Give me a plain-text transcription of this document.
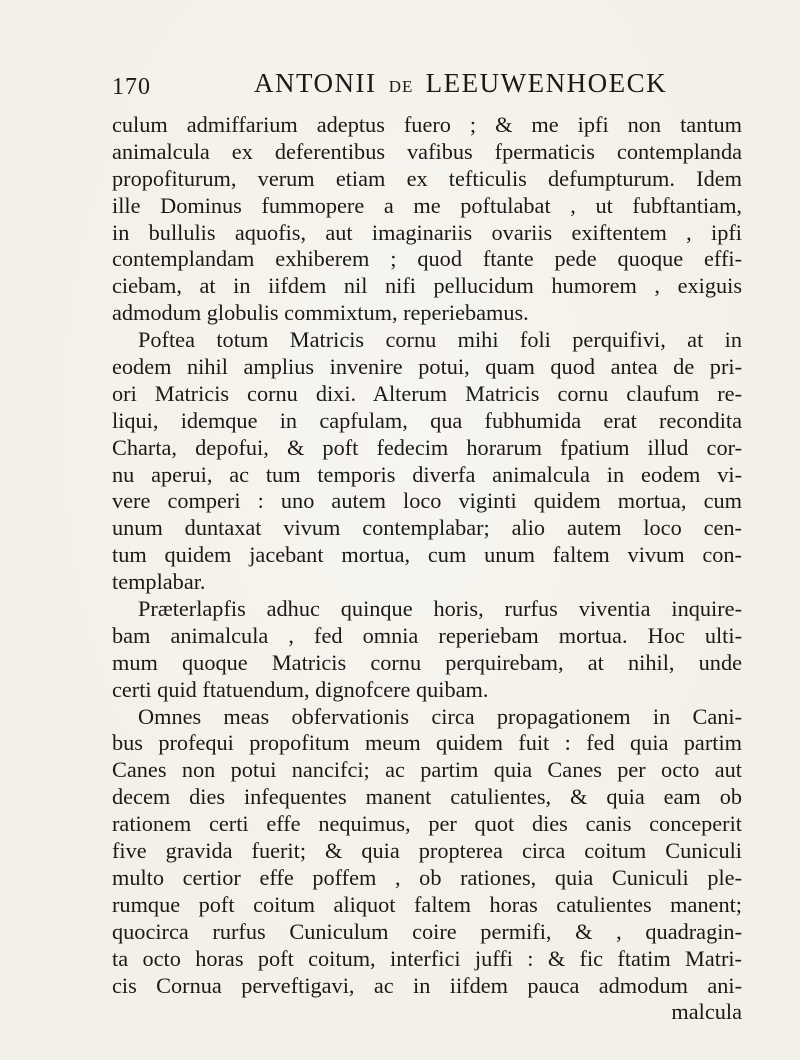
170	ANTONII DE LEEUWENHOECK
culum admiffarium adeptus fuero ; & me ipfi non tantum
animalcula ex deferentibus vafibus fpermaticis contemplanda
propofiturum, verum etiam ex tefticulis defumpturum. Idem
ille Dominus fummopere a me poftulabat , ut fubftantiam,
in bullulis aquofis, aut imaginariis ovariis exiftentem , ipfi
contemplandam exhiberem ; quod ftante pede quoque effi-
ciebam, at in iifdem nil nifi pellucidum humorem , exiguis
admodum globulis commixtum, reperiebamus.
Poftea totum Matricis cornu mihi foli perquifivi, at in
eodem nihil amplius invenire potui, quam quod antea de pri-
ori Matricis cornu dixi. Alterum Matricis cornu claufum re-
liqui, idemque in capfulam, qua fubhumida erat recondita
Charta, depofui, & poft fedecim horarum fpatium illud cor-
nu aperui, ac tum temporis diverfa animalcula in eodem vi-
vere comperi : uno autem loco viginti quidem mortua, cum
unum duntaxat vivum contemplabar; alio autem loco cen-
tum quidem jacebant mortua, cum unum faltem vivum con-
templabar.
Præterlapfis adhuc quinque horis, rurfus viventia inquire-
bam animalcula , fed omnia reperiebam mortua. Hoc ulti-
mum quoque Matricis cornu perquirebam, at nihil, unde
certi quid ftatuendum, dignofcere quibam.
Omnes meas obfervationis circa propagationem in Cani-
bus profequi propofitum meum quidem fuit : fed quia partim
Canes non potui nancifci; ac partim quia Canes per octo aut
decem dies infequentes manent catulientes, & quia eam ob
rationem certi effe nequimus, per quot dies canis conceperit
five gravida fuerit; & quia propterea circa coitum Cuniculi
multo certior effe poffem , ob rationes, quia Cuniculi ple-
rumque poft coitum aliquot faltem horas catulientes manent;
quocirca rurfus Cuniculum coire permifi, & , quadragin-
ta octo horas poft coitum, interfici juffi : & fic ftatim Matri-
cis Cornua perveftigavi, ac in iifdem pauca admodum ani-
malcula
